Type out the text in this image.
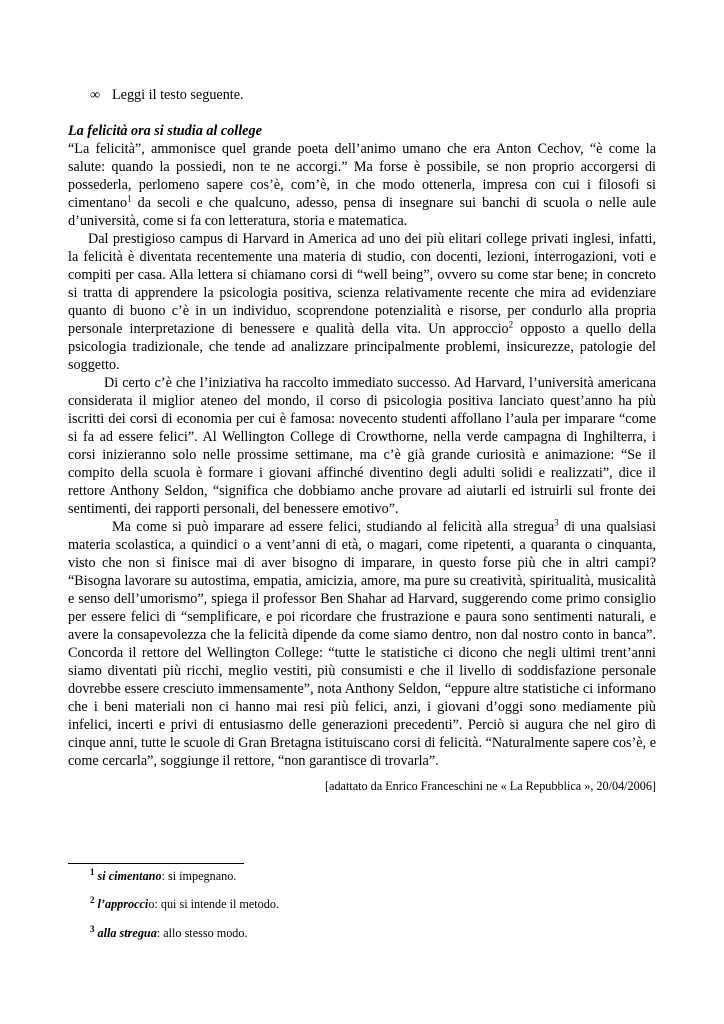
∞ Leggi il testo seguente.

La felicità ora si studia al college

“La felicità”, ammonisce quel grande poeta dell’animo umano che era Anton Cechov, “è come la salute: quando la possiedi, non te ne accorgi.” Ma forse è possibile, se non proprio accorgersi di possederla, perlomeno sapere cos’è, com’è, in che modo ottenerla, impresa con cui i filosofi si cimentano$^1$ da secoli e che qualcuno, adesso, pensa di insegnare sui banchi di scuola o nelle aule d’università, come si fa con letteratura, storia e matematica.

Dal prestigioso campus di Harvard in America ad uno dei più elitari college privati inglesi, infatti, la felicità è diventata recentemente una materia di studio, con docenti, lezioni, interrogazioni, voti e compiti per casa. Alla lettera si chiamano corsi di “well being”, ovvero su come star bene; in concreto si tratta di apprendere la psicologia positiva, scienza relativamente recente che mira ad evidenziare quanto di buono c’è in un individuo, scoprendone potenzialità e risorse, per condurlo alla propria personale interpretazione di benessere e qualità della vita. Un approccio$^2$ opposto a quello della psicologia tradizionale, che tende ad analizzare principalmente problemi, insicurezze, patologie del soggetto.

Di certo c’è che l’iniziativa ha raccolto immediato successo. Ad Harvard, l’università americana considerata il miglior ateneo del mondo, il corso di psicologia positiva lanciato quest’anno ha più iscritti dei corsi di economia per cui è famosa: novecento studenti affollano l’aula per imparare “come si fa ad essere felici”. Al Wellington College di Crowthorne, nella verde campagna di Inghilterra, i corsi inizieranno solo nelle prossime settimane, ma c’è già grande curiosità e animazione: “Se il compito della scuola è formare i giovani affinché diventino degli adulti solidi e realizzati”, dice il rettore Anthony Seldon, “significa che dobbiamo anche provare ad aiutarli ed istruirli sul fronte dei sentimenti, dei rapporti personali, del benessere emotivo”.

Ma come si può imparare ad essere felici, studiando al felicità alla stregua$^3$ di una qualsiasi materia scolastica, a quindici o a vent’anni di età, o magari, come ripetenti, a quaranta o cinquanta, visto che non si finisce mai di aver bisogno di imparare, in questo forse più che in altri campi? “Bisogna lavorare su autostima, empatia, amicizia, amore, ma pure su creatività, spiritualità, musicalità e senso dell’umorismo”, spiega il professor Ben Shahar ad Harvard, suggerendo come primo consiglio per essere felici di “semplificare, e poi ricordare che frustrazione e paura sono sentimenti naturali, e avere la consapevolezza che la felicità dipende da come siamo dentro, non dal nostro conto in banca”. Concorda il rettore del Wellington College: “tutte le statistiche ci dicono che negli ultimi trent’anni siamo diventati più ricchi, meglio vestiti, più consumisti e che il livello di soddisfazione personale dovrebbe essere cresciuto immensamente”, nota Anthony Seldon, “eppure altre statistiche ci informano che i beni materiali non ci hanno mai resi più felici, anzi, i giovani d’oggi sono mediamente più infelici, incerti e privi di entusiasmo delle generazioni precedenti”. Perciò si augura che nel giro di cinque anni, tutte le scuole di Gran Bretagna istituiscano corsi di felicità. “Naturalmente sapere cos’è, e come cercarla”, soggiunge il rettore, “non garantisce di trovarla”.

[adattato da Enrico Franceschini ne « La Repubblica », 20/04/2006]

$^1$ si cimentano: si impegnano.
$^2$ l’approccio: qui si intende il metodo.
$^3$ alla stregua: allo stesso modo.
